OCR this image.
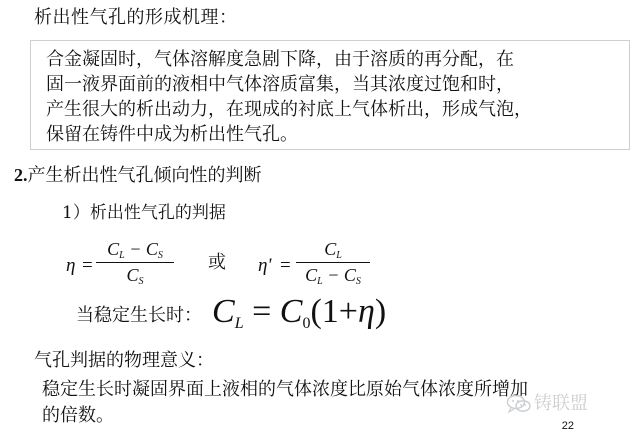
析出性气孔的形成机理：
合金凝固时，气体溶解度急剧下降，由于溶质的再分配，在
固一液界面前的液相中气体溶质富集，当其浓度过饱和时，
产生很大的析出动力，在现成的衬底上气体析出，形成气泡，
保留在铸件中成为析出性气孔。
2.产生析出性气孔倾向性的判断
1）析出性气孔的判据
η =
$C_L - C_S$
$C_S$
或 η' =
$C_L$
$C_L - C_S$
当稳定生长时： CL = C0(1+η)
气孔判据的物理意义：
稳定生长时凝固界面上液相的气体浓度比原始气体浓度所增加
的倍数。	22
铸联盟
